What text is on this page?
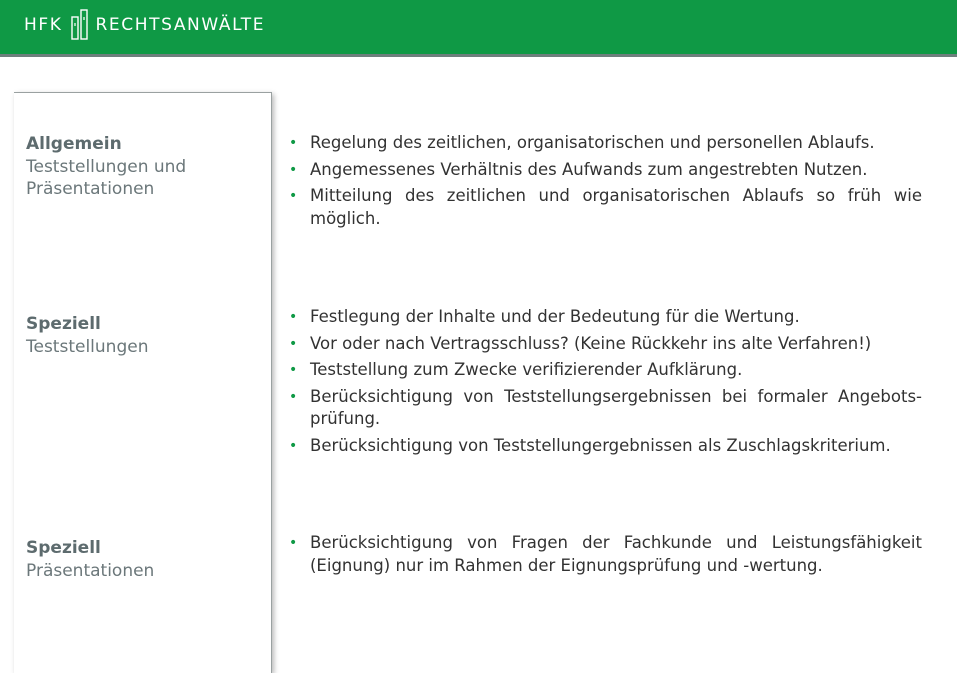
HFK RECHTSANWÄLTE
Allgemein
Teststellungen und Präsentationen
• Regelung des zeitlichen, organisatorischen und personellen Ablaufs.
• Angemessenes Verhältnis des Aufwands zum angestrebten Nutzen.
• Mitteilung des zeitlichen und organisatorischen Ablaufs so früh wie möglich.
Speziell
Teststellungen
• Festlegung der Inhalte und der Bedeutung für die Wertung.
• Vor oder nach Vertragsschluss? (Keine Rückkehr ins alte Verfahren!)
• Teststellung zum Zwecke verifizierender Aufklärung.
• Berücksichtigung von Teststellungsergebnissen bei formaler Angebots-prüfung.
• Berücksichtigung von Teststellungergebnissen als Zuschlagskriterium.
Speziell
Präsentationen
• Berücksichtigung von Fragen der Fachkunde und Leistungsfähigkeit (Eignung) nur im Rahmen der Eignungsprüfung und -wertung.
